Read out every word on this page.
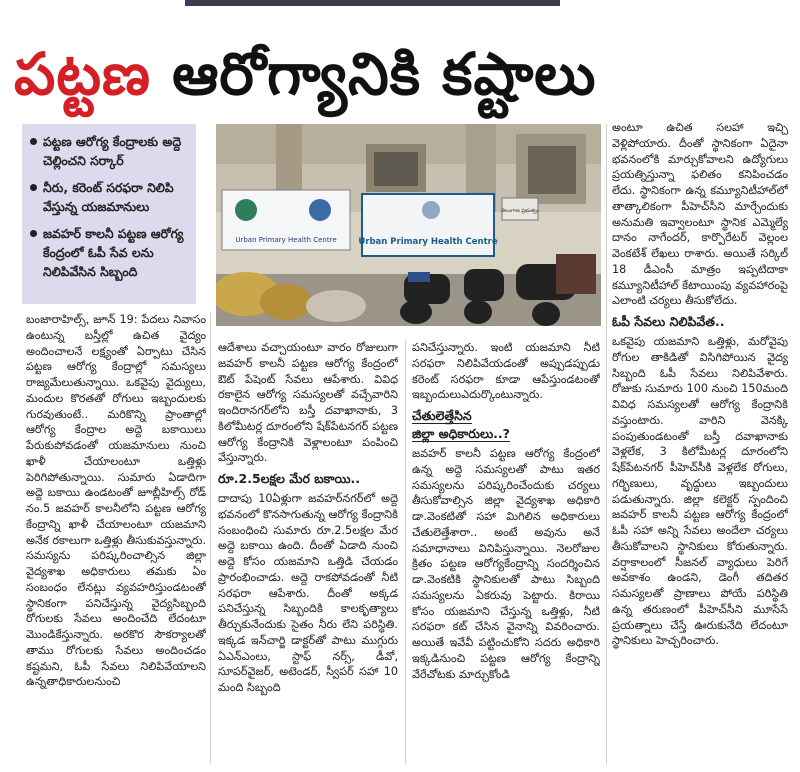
పట్టణ ఆరోగ్యానికి కష్టాలు
పట్టణ ఆరోగ్య కేంద్రాలకు అద్దె చెల్లించని సర్కార్
నీరు, కరెంట్ సరఫరా నిలిపి వేస్తున్న యజమానులు
జవహర్ కాలనీ పట్టణ ఆరోగ్య కేంద్రంలో ఓపీ సేవ లను నిలిపివేసిన సిబ్బంది
Urban Primary Health Centre	Urban Primary Health Centre
తెలంగాణ ప్రభుత్వం

బంజారాహిల్స్, జూన్ 19: పేదలు నివాసం ఉంటున్న బస్తీల్లో ఉచిత వైద్యం అందించాలనే లక్ష్యంతో ఏర్పాటు చేసిన పట్టణ ఆరోగ్య కేంద్రాల్లో సమస్యలు రాజ్యమేలుతున్నాయి. ఒకవైపు వైద్యులు, మందుల కొరతతో రోగులు ఇబ్బందులకు గురవుతుంటే.. మరికొన్ని ప్రాంతాల్లో ఆరోగ్య కేంద్రాల అద్దె బకాయిలు పేరుకుపోవడంతో యజమానులు నుంచి ఖాళీ చేయాలంటూ ఒత్తిళ్లు పెరిగిపోతున్నాయి. సుమారు ఏడాదిగా అద్దె బకాయి ఉండటంతో జూబ్లీహిల్స్ రోడ్ నం.5 జవహర్ కాలనీలోని పట్టణ ఆరోగ్య కేంద్రాన్ని ఖాళీ చేయాలంటూ యజమాని అనేక రకాలుగా ఒత్తిళ్లు తీసుకువస్తున్నారు. సమస్యను పరిష్కరించాల్సిన జిల్లా వైద్యశాఖ అధికారులు తమకు ఏం సంబంధం లేనట్లు వ్యవహరిస్తుండటంతో స్థానికంగా పనిచేస్తున్న వైద్యసిబ్బంది రోగులకు సేవలు అందించేది లేదంటూ మొండికేస్తున్నారు. అరకొర సౌకర్యాలతో తాము రోగులకు సేవలు అందించడం కష్టమని, ఓపీ సేవలు నిలిపివేయాలని ఉన్నతాధికారులనుంచి

ఆదేశాలు వచ్చాయంటూ వారం రోజులుగా జవహర్ కాలనీ పట్టణ ఆరోగ్య కేంద్రంలో ఔట్ పేషెంట్ సేవలు ఆపేశారు. వివిధ రకాలైన ఆరోగ్య సమస్యలతో వచ్చేవారిని ఇందిరానగర్‌లోని బస్తీ దవాఖానాకు, 3 కిలోమీటర్ల దూరంలోని షేక్‌పేటనగర్ పట్టణ ఆరోగ్య కేంద్రానికి వెళ్లాలంటూ పంపించి వేస్తున్నారు.

రూ.2.5లక్షల మేర బకాయి..

దాదాపు 10ఏళ్లుగా జవహర్‌నగర్‌లో అద్దె భవనంలో కొనసాగుతున్న ఆరోగ్య కేంద్రానికి సంబంధించి సుమారు రూ.2.5లక్షల మేర అద్దె బకాయి ఉంది. దీంతో ఏడాది నుంచి అద్దె కోసం యజమాని ఒత్తిడి చేయడం ప్రారంభించాడు. అద్దె రాకపోవడంతో నీటి సరఫరా ఆపేశారు. దీంతో అక్కడ పనిచేస్తున్న సిబ్బందికి కాలకృత్యాలు తీర్చుకునేందుకు సైతం నీరు లేని పరిస్థితి. ఇక్కడ ఇన్‌చార్జి డాక్టర్‌తో పాటు ముగ్గురు ఏఎన్‌ఎంలు, స్టాఫ్ నర్స్, డీవో, సూపర్‌వైజర్, అటెండర్, స్వీపర్ సహా 10 మంది సిబ్బంది

పనిచేస్తున్నారు. ఇంటి యజమాని నీటి సరఫరా నిలిపివేయడంతో అప్పుడప్పుడు కరెంట్ సరఫరా కూడా ఆపేస్తుండటంతో ఇబ్బందులుఎదుర్కొంటున్నారు.

చేతులెత్తేసిన
జిల్లా అధికారులు..?

జవహర్ కాలనీ పట్టణ ఆరోగ్య కేంద్రంలో ఉన్న అద్దె సమస్యలతో పాటు ఇతర సమస్యలను పరిష్కరించేందుకు చర్యలు తీసుకోవాల్సిన జిల్లా వైద్యశాఖ అధికారి డా.వెంకటితో సహా మిగిలిన అధికారులు చేతులెత్తేశారా.. అంటే అవును అనే సమాధానాలు వినిపిస్తున్నాయి. నెలరోజుల క్రితం పట్టణ ఆరోగ్యకేంద్రాన్ని సందర్శించిన డా.వెంకటికి స్థానికులతో పాటు సిబ్బంది సమస్యలను ఏకరువు పెట్టారు. కిరాయి కోసం యజమాని చేస్తున్న ఒత్తిళ్లు, నీటి సరఫరా కట్ చేసిన వైనాన్ని వివరించారు. అయితే ఇవేవీ పట్టించుకోని సదరు అధికారి ఇక్కడినుంచి పట్టణ ఆరోగ్య కేంద్రాన్ని వేరేచోటకు మార్చుకోండి

అంటూ ఉచిత సలహా ఇచ్చి వెళ్లిపోయారు. దీంతో స్థానికంగా ఏదైనా భవనంలోకి మార్చుకోవాలని ఉద్యోగులు ప్రయత్నిస్తున్నా ఫలితం కనిపించడం లేదు. స్థానికంగా ఉన్న కమ్యూనిటీహాల్‌లో తాత్కాలికంగా పీహెచ్‌సీని మార్చేందుకు అనుమతి ఇవ్వాలంటూ స్థానిక ఎమ్మెల్యే దానం నాగేందర్, కార్పొరేటర్ వెల్లంల వెంకటేశ్ లేఖలు రాశారు. అయితే సర్కిల్ 18 డీఎంసీ మాత్రం ఇప్పటిదాకా కమ్యూనిటీహాల్ కేటాయింపు వ్యవహారంపై ఎలాంటి చర్యలు తీసుకోలేదు.

ఓపీ సేవలు నిలిపివేత..

ఒకవైపు యజమాని ఒత్తిళ్లు, మరోవైపు రోగుల తాకిడితో విసిగిపోయిన వైద్య సిబ్బంది ఓపీ సేవలు నిలిపివేశారు. రోజుకు సుమారు 100 నుంచి 150మంది వివిధ సమస్యలతో ఆరోగ్య కేంద్రానికి వస్తుంటారు. వారిని వెనక్కి పంపుతుండటంతో బస్తీ దవాఖానాకు వెళ్లలేక, 3 కిలోమీటర్ల దూరంలోని షేక్‌పేటనగర్ పీహెచ్‌సీకి వెళ్లలేక రోగులు, గర్భిణులు, వృద్ధులు ఇబ్బందులు పడుతున్నారు. జిల్లా కలెక్టర్ స్పందించి జవహర్ కాలనీ పట్టణ ఆరోగ్య కేంద్రంలో ఓపీ సహా అన్ని సేవలు అందేలా చర్యలు తీసుకోవాలని స్థానికులు కోరుతున్నారు. వర్షాకాలంలో సీజనల్ వ్యాధులు పెరిగే అవకాశం ఉండని, డెంగీ తదితర సమస్యలతో ప్రాణాలు పోయే పరిస్థితి ఉన్న తరుణంలో పీహెచ్‌సీని మూసేసే ప్రయత్నాలు చేస్తే ఊరుకునేది లేదంటూ స్థానికులు హెచ్చరించారు.
